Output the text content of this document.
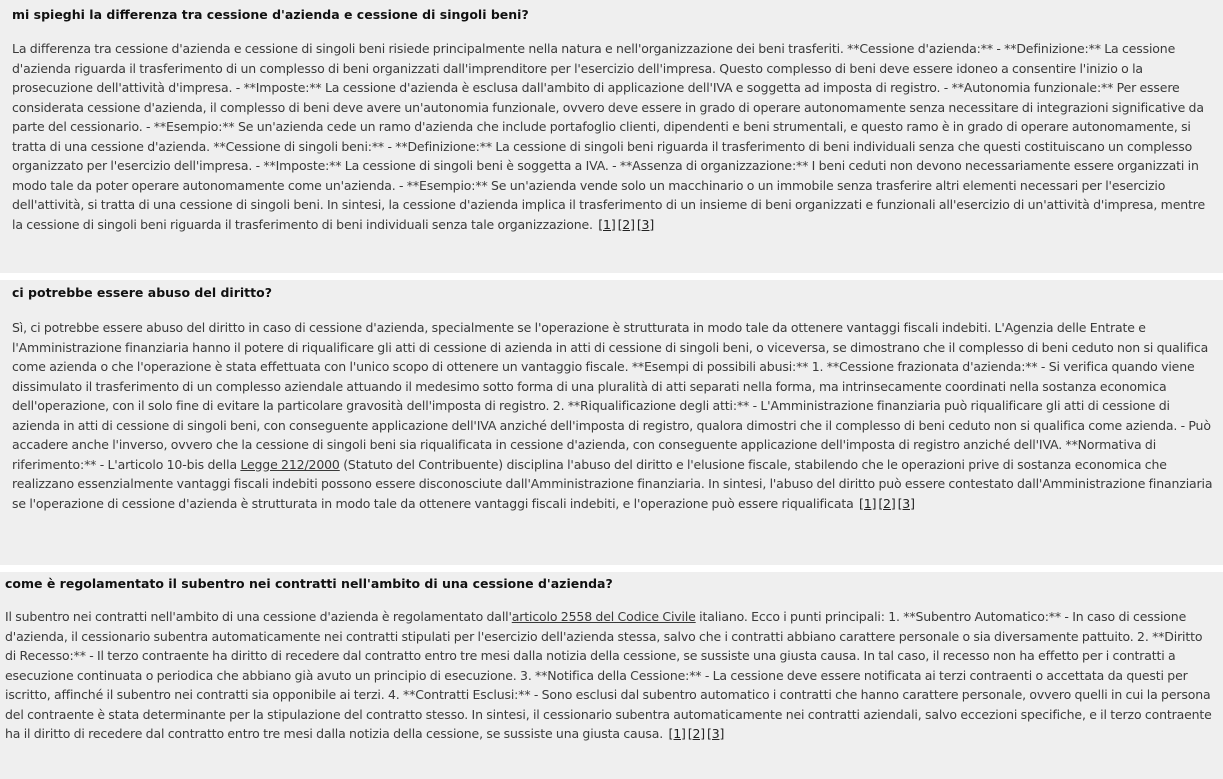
mi spieghi la differenza tra cessione d'azienda e cessione di singoli beni?

La differenza tra cessione d'azienda e cessione di singoli beni risiede principalmente nella natura e nell'organizzazione dei beni trasferiti. **Cessione d'azienda:** - **Definizione:** La cessione d'azienda riguarda il trasferimento di un complesso di beni organizzati dall'imprenditore per l'esercizio dell'impresa. Questo complesso di beni deve essere idoneo a consentire l'inizio o la prosecuzione dell'attività d'impresa. - **Imposte:** La cessione d'azienda è esclusa dall'ambito di applicazione dell'IVA e soggetta ad imposta di registro. - **Autonomia funzionale:** Per essere considerata cessione d'azienda, il complesso di beni deve avere un'autonomia funzionale, ovvero deve essere in grado di operare autonomamente senza necessitare di integrazioni significative da parte del cessionario. - **Esempio:** Se un'azienda cede un ramo d'azienda che include portafoglio clienti, dipendenti e beni strumentali, e questo ramo è in grado di operare autonomamente, si tratta di una cessione d'azienda. **Cessione di singoli beni:** - **Definizione:** La cessione di singoli beni riguarda il trasferimento di beni individuali senza che questi costituiscano un complesso organizzato per l'esercizio dell'impresa. - **Imposte:** La cessione di singoli beni è soggetta a IVA. - **Assenza di organizzazione:** I beni ceduti non devono necessariamente essere organizzati in modo tale da poter operare autonomamente come un'azienda. - **Esempio:** Se un'azienda vende solo un macchinario o un immobile senza trasferire altri elementi necessari per l'esercizio dell'attività, si tratta di una cessione di singoli beni. In sintesi, la cessione d'azienda implica il trasferimento di un insieme di beni organizzati e funzionali all'esercizio di un'attività d'impresa, mentre la cessione di singoli beni riguarda il trasferimento di beni individuali senza tale organizzazione. [1] [2] [3]

ci potrebbe essere abuso del diritto?

Sì, ci potrebbe essere abuso del diritto in caso di cessione d'azienda, specialmente se l'operazione è strutturata in modo tale da ottenere vantaggi fiscali indebiti. L'Agenzia delle Entrate e l'Amministrazione finanziaria hanno il potere di riqualificare gli atti di cessione di azienda in atti di cessione di singoli beni, o viceversa, se dimostrano che il complesso di beni ceduto non si qualifica come azienda o che l'operazione è stata effettuata con l'unico scopo di ottenere un vantaggio fiscale. **Esempi di possibili abusi:** 1. **Cessione frazionata d'azienda:** - Si verifica quando viene dissimulato il trasferimento di un complesso aziendale attuando il medesimo sotto forma di una pluralità di atti separati nella forma, ma intrinsecamente coordinati nella sostanza economica dell'operazione, con il solo fine di evitare la particolare gravosità dell'imposta di registro. 2. **Riqualificazione degli atti:** - L'Amministrazione finanziaria può riqualificare gli atti di cessione di azienda in atti di cessione di singoli beni, con conseguente applicazione dell'IVA anziché dell'imposta di registro, qualora dimostri che il complesso di beni ceduto non si qualifica come azienda. - Può accadere anche l'inverso, ovvero che la cessione di singoli beni sia riqualificata in cessione d'azienda, con conseguente applicazione dell'imposta di registro anziché dell'IVA. **Normativa di riferimento:** - L'articolo 10-bis della Legge 212/2000 (Statuto del Contribuente) disciplina l'abuso del diritto e l'elusione fiscale, stabilendo che le operazioni prive di sostanza economica che realizzano essenzialmente vantaggi fiscali indebiti possono essere disconosciute dall'Amministrazione finanziaria. In sintesi, l'abuso del diritto può essere contestato dall'Amministrazione finanziaria se l'operazione di cessione d'azienda è strutturata in modo tale da ottenere vantaggi fiscali indebiti, e l'operazione può essere riqualificata [1] [2] [3]

come è regolamentato il subentro nei contratti nell'ambito di una cessione d'azienda?

Il subentro nei contratti nell'ambito di una cessione d'azienda è regolamentato dall'articolo 2558 del Codice Civile italiano. Ecco i punti principali: 1. **Subentro Automatico:** - In caso di cessione d'azienda, il cessionario subentra automaticamente nei contratti stipulati per l'esercizio dell'azienda stessa, salvo che i contratti abbiano carattere personale o sia diversamente pattuito. 2. **Diritto di Recesso:** - Il terzo contraente ha diritto di recedere dal contratto entro tre mesi dalla notizia della cessione, se sussiste una giusta causa. In tal caso, il recesso non ha effetto per i contratti a esecuzione continuata o periodica che abbiano già avuto un principio di esecuzione. 3. **Notifica della Cessione:** - La cessione deve essere notificata ai terzi contraenti o accettata da questi per iscritto, affinché il subentro nei contratti sia opponibile ai terzi. 4. **Contratti Esclusi:** - Sono esclusi dal subentro automatico i contratti che hanno carattere personale, ovvero quelli in cui la persona del contraente è stata determinante per la stipulazione del contratto stesso. In sintesi, il cessionario subentra automaticamente nei contratti aziendali, salvo eccezioni specifiche, e il terzo contraente ha il diritto di recedere dal contratto entro tre mesi dalla notizia della cessione, se sussiste una giusta causa. [1] [2] [3]
